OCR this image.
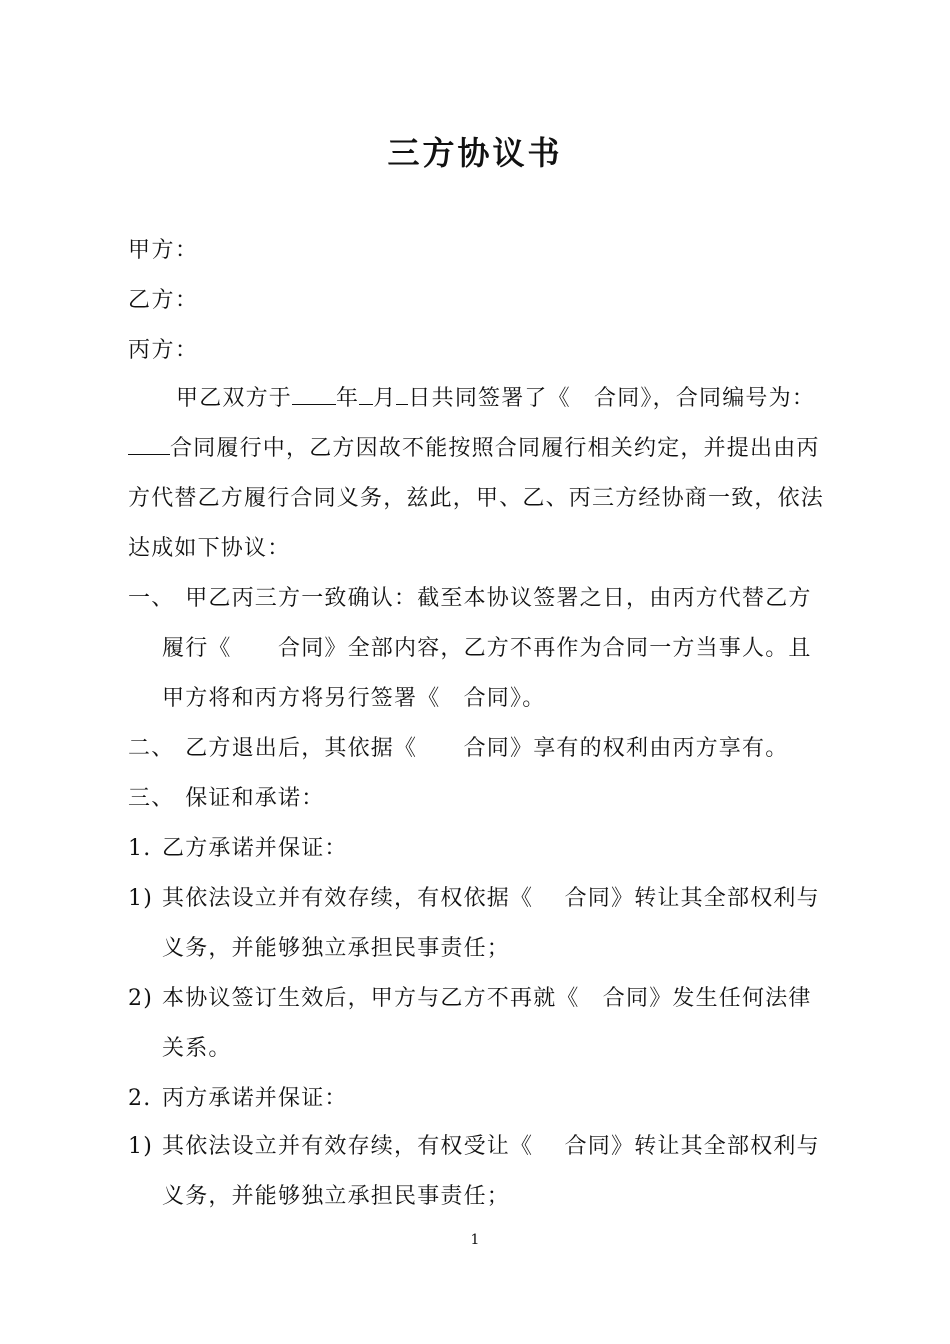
三方协议书
甲方：
乙方：
丙方：
甲乙双方于 年 月 日共同签署了《　合同》，合同编号为：合同履行中，乙方因故不能按照合同履行相关约定，并提出由丙方代替乙方履行合同义务，兹此，甲、乙、丙三方经协商一致，依法达成如下协议：
一、
　甲乙丙三方一致确认：截至本协议签署之日，由丙方代替乙方履行《　　合同》全部内容，乙方不再作为合同一方当事人。且甲方将和丙方将另行签署《　合同》。
二、
　乙方退出后，其依据《　　合同》享有的权利由丙方享有。
三、
　保证和承诺：
1. 乙方承诺并保证：
1) 其依法设立并有效存续，有权依据《　 合同》转让其全部权利与义务，并能够独立承担民事责任；
2) 本协议签订生效后，甲方与乙方不再就《　合同》发生任何法律关系。
2. 丙方承诺并保证：
1) 其依法设立并有效存续，有权受让《　 合同》转让其全部权利与义务，并能够独立承担民事责任；
1
